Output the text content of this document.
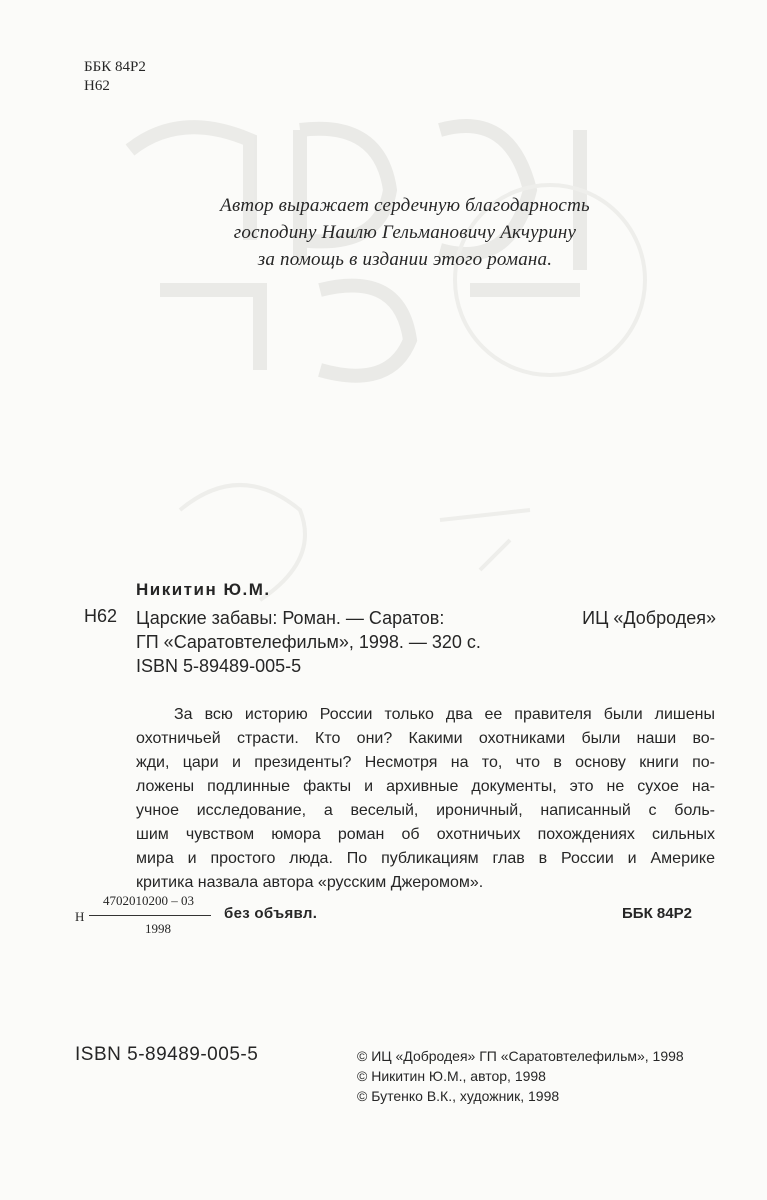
ББК 84Р2
Н62
Автор выражает сердечную благодарность
господину Наилю Гельмановичу Акчурину
за помощь в издании этого романа.
Никитин Ю.М.
Н62 Царские забавы: Роман. — Саратов:	ИЦ «Добродея»
ГП «Саратовтелефильм», 1998. — 320 с.
ISBN 5-89489-005-5
За всю историю России только два ее правителя были лишены
охотничьей страсти. Кто они? Какими охотниками были наши во-
жди, цари и президенты? Несмотря на то, что в основу книги по-
ложены подлинные факты и архивные документы, это не сухое на-
учное исследование, а веселый, ироничный, написанный с боль-
шим чувством юмора роман об охотничьих похождениях сильных
мира и простого люда. По публикациям глав в России и Америке
критика назвала автора «русским Джеромом».
4702010200 – 03
Н
1998
без объявл.	ББК 84Р2
ISBN 5-89489-005-5	© ИЦ «Добродея» ГП «Саратовтелефильм», 1998
© Никитин Ю.М., автор, 1998
© Бутенко В.К., художник, 1998
